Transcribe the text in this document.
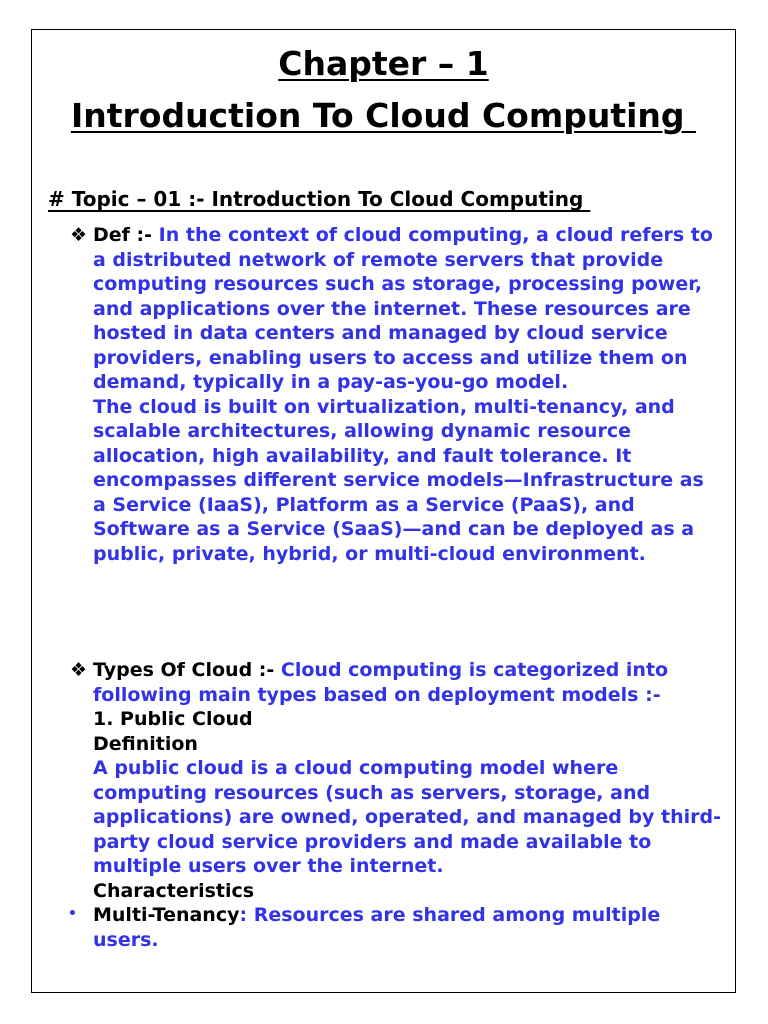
Chapter – 1
Introduction To Cloud Computing
# Topic – 01 :- Introduction To Cloud Computing
❖ Def :- In the context of cloud computing, a cloud refers to a distributed network of remote servers that provide computing resources such as storage, processing power, and applications over the internet. These resources are hosted in data centers and managed by cloud service providers, enabling users to access and utilize them on demand, typically in a pay-as-you-go model.
The cloud is built on virtualization, multi-tenancy, and scalable architectures, allowing dynamic resource allocation, high availability, and fault tolerance. It encompasses different service models—Infrastructure as a Service (IaaS), Platform as a Service (PaaS), and Software as a Service (SaaS)—and can be deployed as a public, private, hybrid, or multi-cloud environment.
❖ Types Of Cloud :- Cloud computing is categorized into following main types based on deployment models :-
1. Public Cloud
Definition
A public cloud is a cloud computing model where computing resources (such as servers, storage, and applications) are owned, operated, and managed by third-party cloud service providers and made available to multiple users over the internet.
Characteristics
• Multi-Tenancy: Resources are shared among multiple users.
